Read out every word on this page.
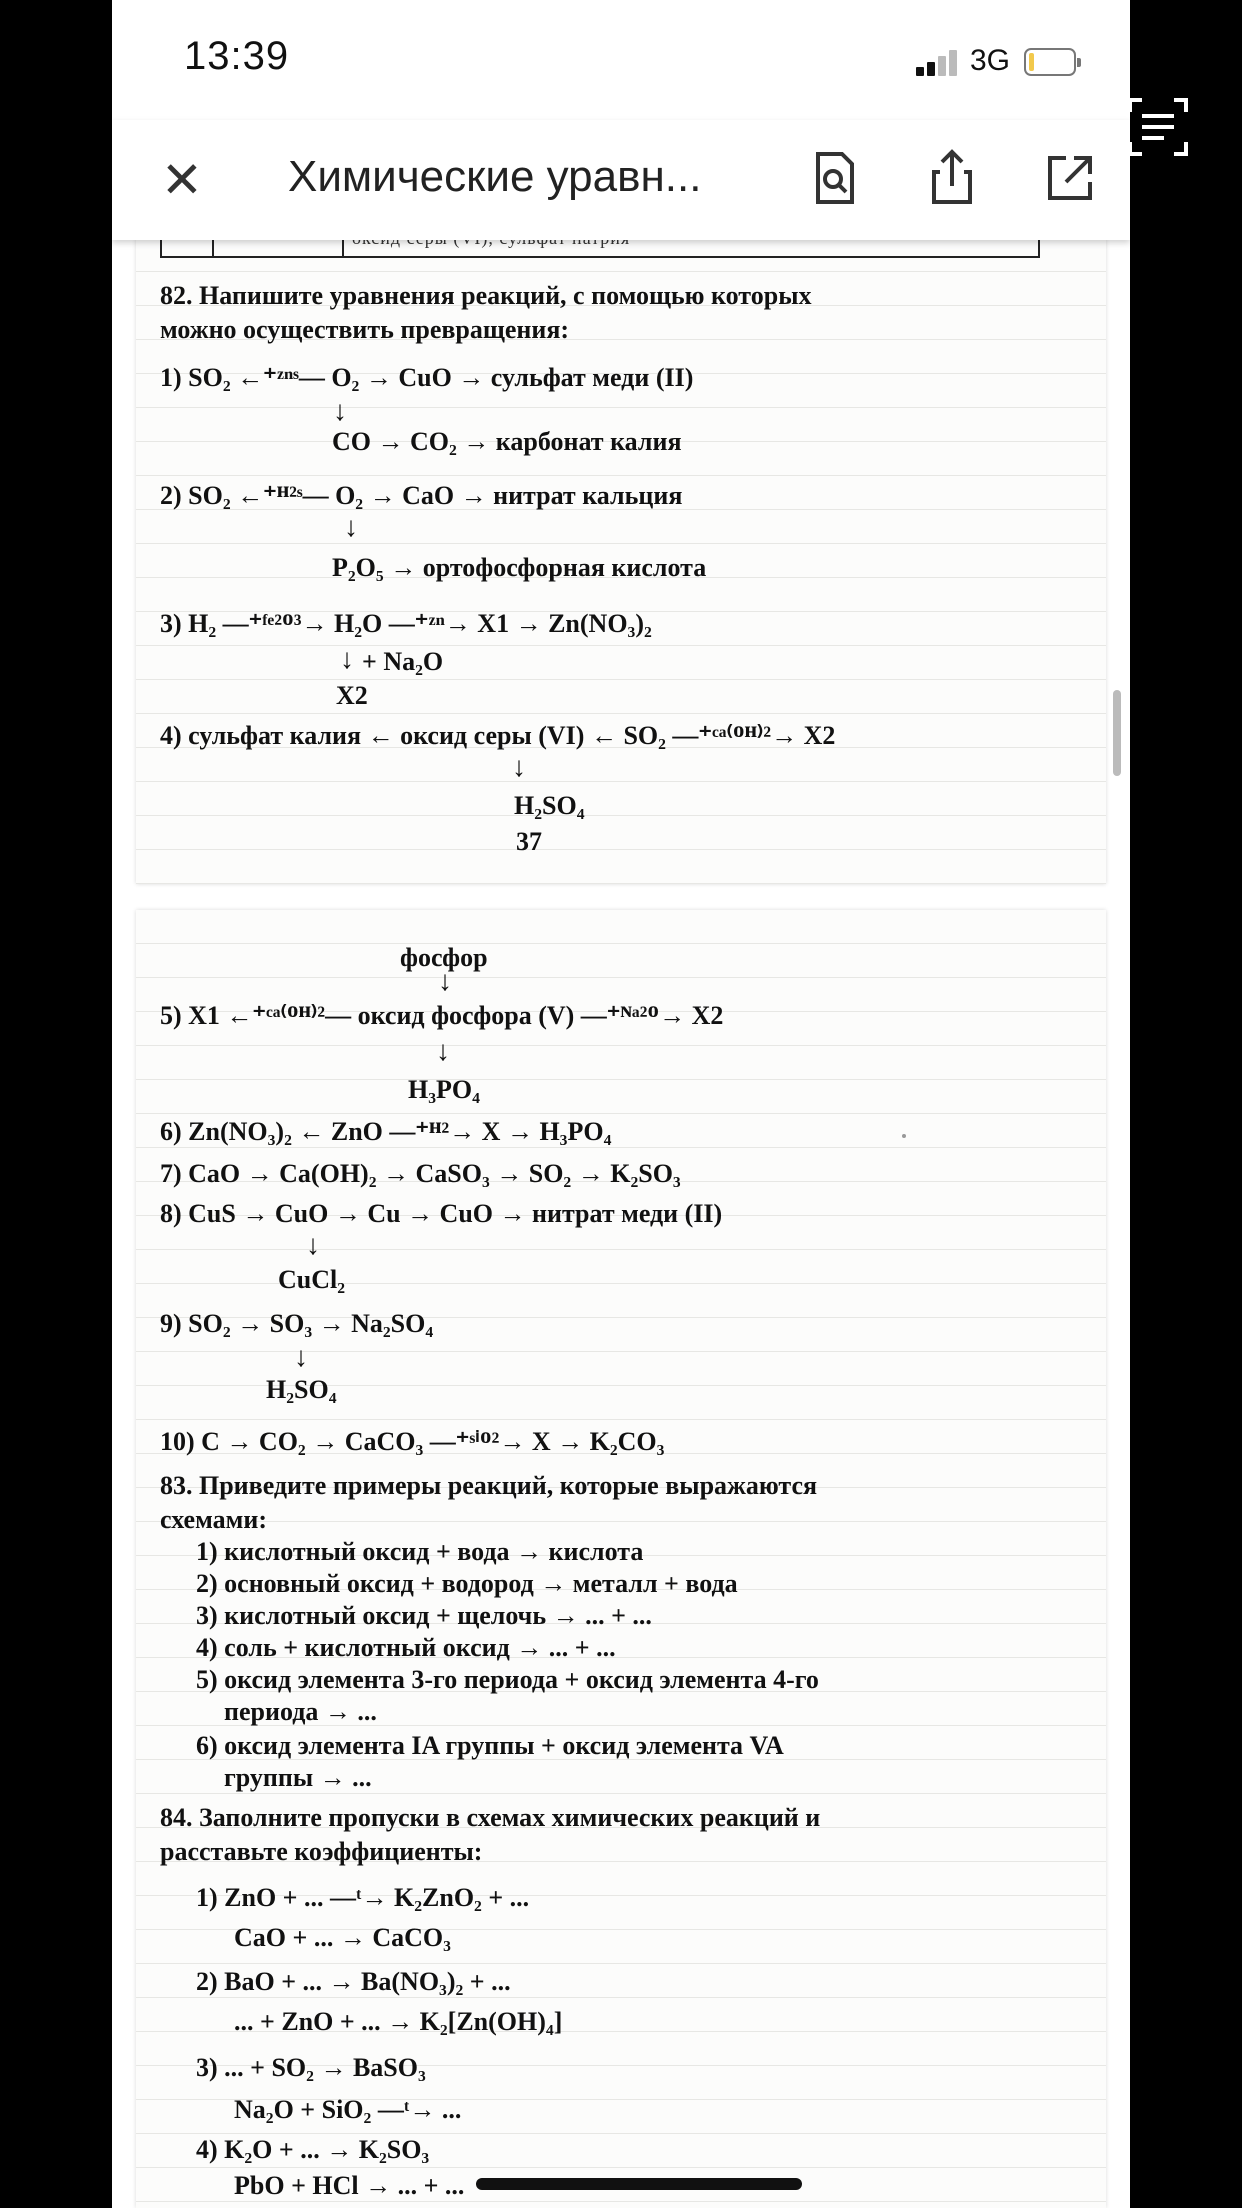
13:39	3G
✕ Химические уравн...
82. Напишите уравнения реакций, с помощью которых
можно осуществить превращения:
1) SO₂ ←⁺ᶻⁿˢ— O₂ → CuO → сульфат меди (II)
↓
CO → CO₂ → карбонат калия
2) SO₂ ←⁺ᴴ²ˢ— O₂ → CaO → нитрат кальция
↓
P₂O₅ → ортофосфорная кислота
3) H₂ —⁺ᶠᵉ²ᴼ³→ H₂O —⁺ᶻⁿ→ X1 → Zn(NO₃)₂
↓ + Na₂O
X2
4) сульфат калия ← оксид серы (VI) ← SO₂ —⁺ᶜᵃ⁽ᴼᴴ⁾²→ X2
↓
H₂SO₄
37
фосфор
↓
5) X1 ←⁺ᶜᵃ⁽ᴼᴴ⁾²— оксид фосфора (V) —⁺ᴺᵃ²ᴼ→ X2
↓
H₃PO₄
6) Zn(NO₃)₂ ← ZnO —⁺ᴴ²→ X → H₃PO₄
7) CaO → Ca(OH)₂ → CaSO₃ → SO₂ → K₂SO₃
8) CuS → CuO → Cu → CuO → нитрат меди (II)
↓
CuCl₂
9) SO₂ → SO₃ → Na₂SO₄
↓
H₂SO₄
10) C → CO₂ → CaCO₃ —⁺ˢⁱᴼ²→ X → K₂CO₃
83. Приведите примеры реакций, которые выражаются
схемами:
1) кислотный оксид + вода → кислота
2) основный оксид + водород → металл + вода
3) кислотный оксид + щелочь → ... + ...
4) соль + кислотный оксид → ... + ...
5) оксид элемента 3-го периода + оксид элемента 4-го
периода → ...
6) оксид элемента IA группы + оксид элемента VA
группы → ...
84. Заполните пропуски в схемах химических реакций и
расставьте коэффициенты:
1) ZnO + ... —ᵗ→ K₂ZnO₂ + ...
CaO + ... → CaCO₃
2) BaO + ... → Ba(NO₃)₂ + ...
... + ZnO + ... → K₂[Zn(OH)₄]
3) ... + SO₂ → BaSO₃
Na₂O + SiO₂ —ᵗ→ ...
4) K₂O + ... → K₂SO₃
PbO + HCl → ... + ...
